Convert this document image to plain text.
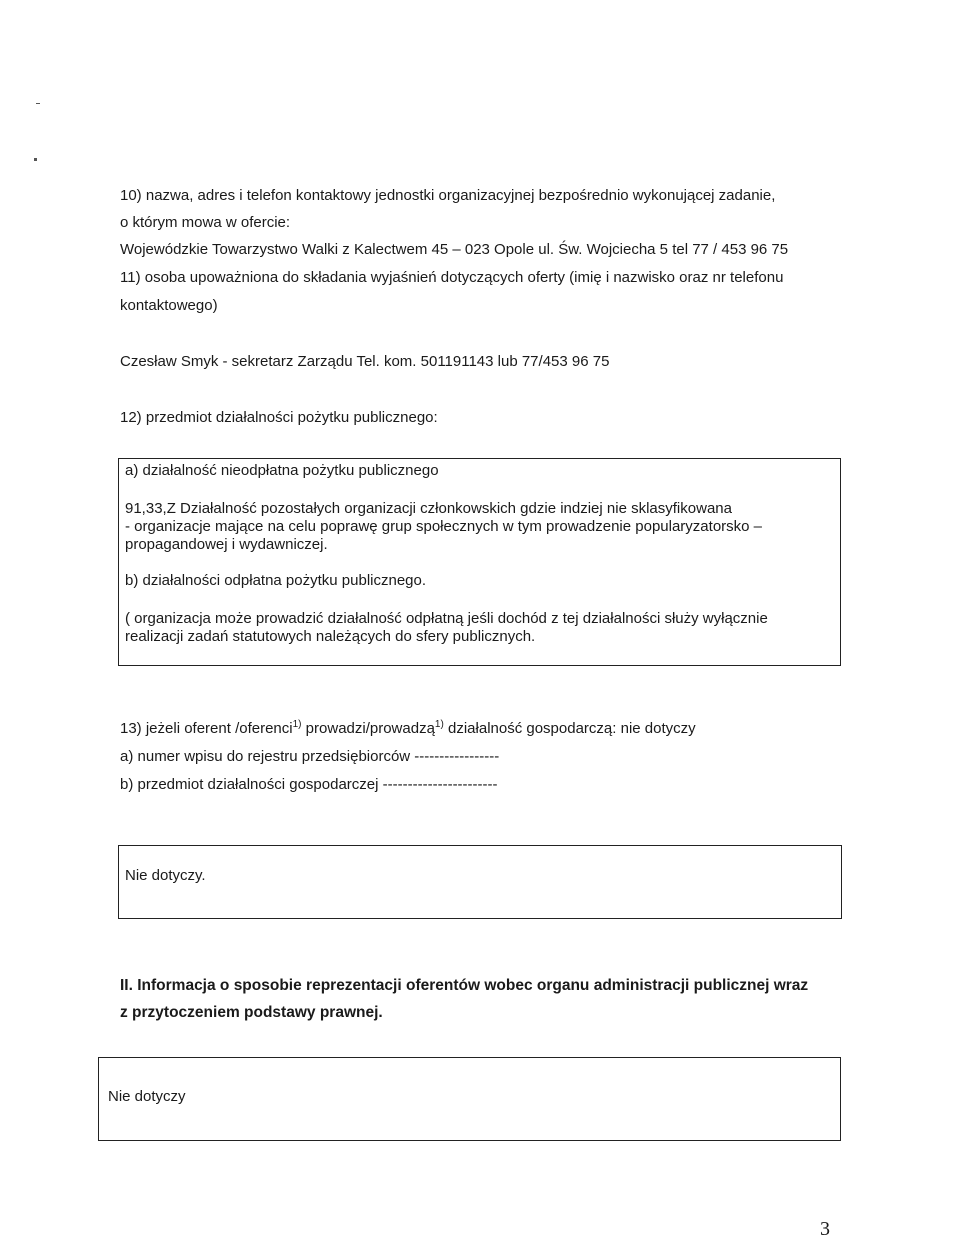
10) nazwa, adres i telefon kontaktowy jednostki organizacyjnej bezpośrednio wykonującej zadanie,

o którym mowa w ofercie:

Wojewódzkie Towarzystwo Walki z Kalectwem 45 – 023 Opole ul. Św. Wojciecha 5 tel 77 / 453 96 75

11) osoba upoważniona do składania wyjaśnień dotyczących oferty (imię i nazwisko oraz nr telefonu

kontaktowego)

Czesław Smyk - sekretarz Zarządu Tel. kom. 501191143 lub 77/453 96 75

12) przedmiot działalności pożytku publicznego:

a) działalność nieodpłatna pożytku publicznego

91,33,Z Działalność pozostałych organizacji członkowskich gdzie indziej nie sklasyfikowana

- organizacje mające na celu poprawę grup społecznych w tym prowadzenie popularyzatorsko –

propagandowej i wydawniczej.

b) działalności odpłatna pożytku publicznego.

( organizacja może prowadzić działalność odpłatną jeśli dochód z tej działalności służy wyłącznie

realizacji zadań statutowych należących do sfery publicznych.

13) jeżeli oferent /oferenci$^{1)}$ prowadzi/prowadzą$^{1)}$ działalność gospodarczą: nie dotyczy

a) numer wpisu do rejestru przedsiębiorców -----------------

b) przedmiot działalności gospodarczej -----------------------

Nie dotyczy.

II. Informacja o sposobie reprezentacji oferentów wobec organu administracji publicznej wraz

z przytoczeniem podstawy prawnej.

Nie dotyczy

3
